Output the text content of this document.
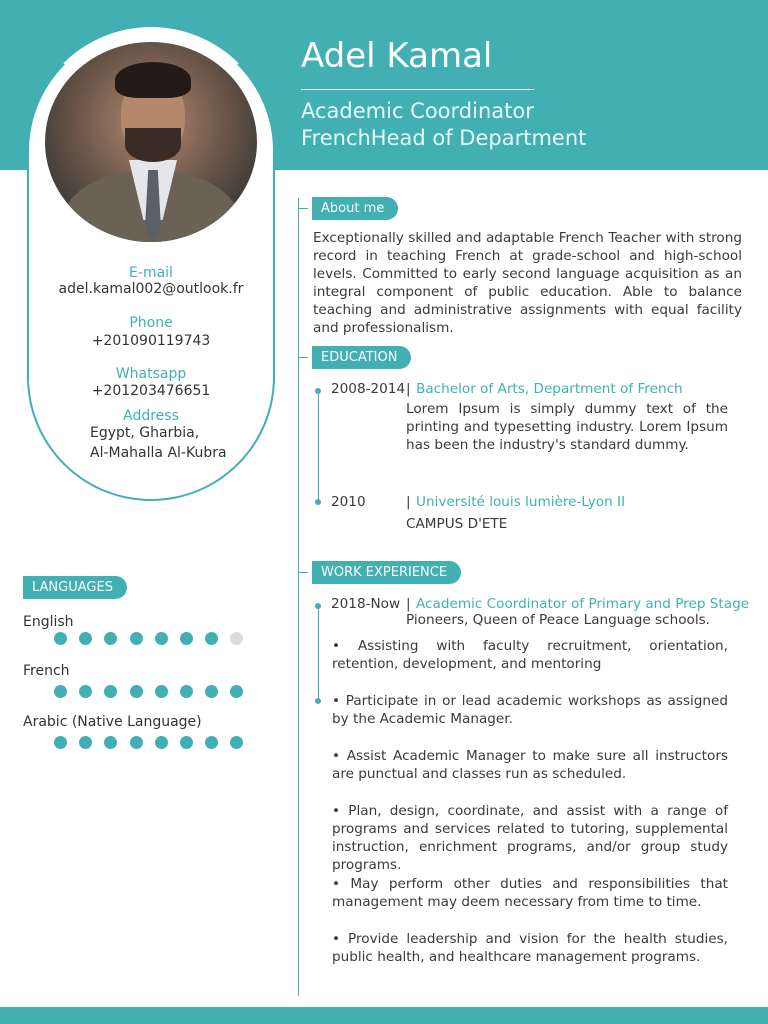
Adel Kamal
Academic Coordinator
FrenchHead of Department
E-mail
adel.kamal002@outlook.fr
Phone
+201090119743
Whatsapp
+201203476651
Address
Egypt, Gharbia,
Al-Mahalla Al-Kubra
LANGUAGES
English
French
Arabic (Native Language)
About me
Exceptionally skilled and adaptable French Teacher with strong record in teaching French at grade-school and high-school levels. Committed to early second language acquisition as an integral component of public education. Able to balance teaching and administrative assignments with equal facility and professionalism.
EDUCATION
2008-2014 | Bachelor of Arts, Department of French
Lorem Ipsum is simply dummy text of the printing and typesetting industry. Lorem Ipsum has been the industry's standard dummy.
2010	| Université louis lumière-Lyon II
CAMPUS D'ETE
WORK EXPERIENCE
2018-Now | Academic Coordinator of Primary and Prep Stage
Pioneers, Queen of Peace Language schools.
• Assisting with faculty recruitment, orientation, retention, development, and mentoring
• Participate in or lead academic workshops as assigned by the Academic Manager.
• Assist Academic Manager to make sure all instructors are punctual and classes run as scheduled.
• Plan, design, coordinate, and assist with a range of programs and services related to tutoring, supplemental instruction, enrichment programs, and/or group study programs.
• May perform other duties and responsibilities that management may deem necessary from time to time.
• Provide leadership and vision for the health studies, public health, and healthcare management programs.
